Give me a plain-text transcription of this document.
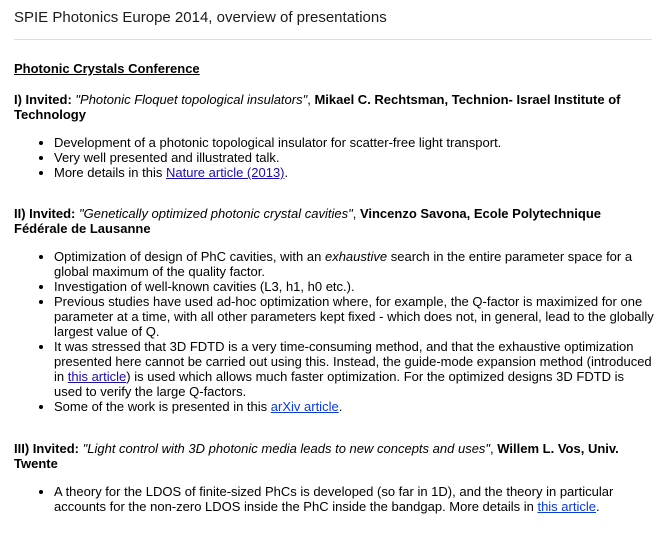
SPIE Photonics Europe 2014, overview of presentations

Photonic Crystals Conference

I) Invited: "Photonic Floquet topological insulators", Mikael C. Rechtsman, Technion- Israel Institute of Technology

• Development of a photonic topological insulator for scatter-free light transport.
• Very well presented and illustrated talk.
• More details in this Nature article (2013).

II) Invited: "Genetically optimized photonic crystal cavities", Vincenzo Savona, Ecole Polytechnique Fédérale de Lausanne

• Optimization of design of PhC cavities, with an exhaustive search in the entire parameter space for a global maximum of the quality factor.
• Investigation of well-known cavities (L3, h1, h0 etc.).
• Previous studies have used ad-hoc optimization where, for example, the Q-factor is maximized for one parameter at a time, with all other parameters kept fixed - which does not, in general, lead to the globally largest value of Q.
• It was stressed that 3D FDTD is a very time-consuming method, and that the exhaustive optimization presented here cannot be carried out using this. Instead, the guide-mode expansion method (introduced in this article) is used which allows much faster optimization. For the optimized designs 3D FDTD is used to verify the large Q-factors.
• Some of the work is presented in this arXiv article.

III) Invited: "Light control with 3D photonic media leads to new concepts and uses", Willem L. Vos, Univ. Twente

• A theory for the LDOS of finite-sized PhCs is developed (so far in 1D), and the theory in particular accounts for the non-zero LDOS inside the PhC inside the bandgap. More details in this article.
